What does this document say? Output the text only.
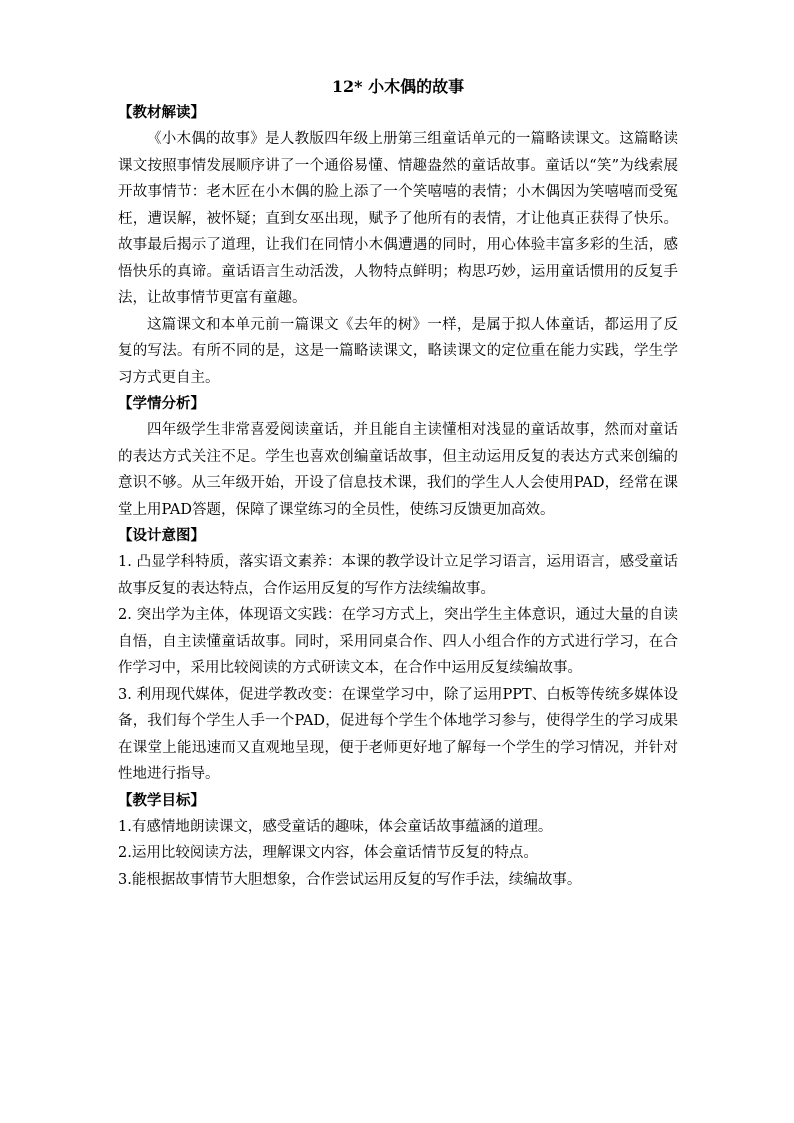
12* 小木偶的故事
【教材解读】

《小木偶的故事》是人教版四年级上册第三组童话单元的一篇略读课文。这篇略读课文按照事情发展顺序讲了一个通俗易懂、情趣盎然的童话故事。童话以“笑”为线索展开故事情节：老木匠在小木偶的脸上添了一个笑嘻嘻的表情；小木偶因为笑嘻嘻而受冤枉，遭误解，被怀疑；直到女巫出现，赋予了他所有的表情，才让他真正获得了快乐。故事最后揭示了道理，让我们在同情小木偶遭遇的同时，用心体验丰富多彩的生活，感悟快乐的真谛。童话语言生动活泼，人物特点鲜明；构思巧妙，运用童话惯用的反复手法，让故事情节更富有童趣。

这篇课文和本单元前一篇课文《去年的树》一样，是属于拟人体童话，都运用了反复的写法。有所不同的是，这是一篇略读课文，略读课文的定位重在能力实践，学生学习方式更自主。

【学情分析】

四年级学生非常喜爱阅读童话，并且能自主读懂相对浅显的童话故事，然而对童话的表达方式关注不足。学生也喜欢创编童话故事，但主动运用反复的表达方式来创编的意识不够。从三年级开始，开设了信息技术课，我们的学生人人会使用PAD，经常在课堂上用PAD答题，保障了课堂练习的全员性，使练习反馈更加高效。

【设计意图】

1. 凸显学科特质，落实语文素养：本课的教学设计立足学习语言，运用语言，感受童话故事反复的表达特点，合作运用反复的写作方法续编故事。

2. 突出学为主体，体现语文实践：在学习方式上，突出学生主体意识，通过大量的自读自悟，自主读懂童话故事。同时，采用同桌合作、四人小组合作的方式进行学习，在合作学习中，采用比较阅读的方式研读文本，在合作中运用反复续编故事。

3. 利用现代媒体，促进学教改变：在课堂学习中，除了运用PPT、白板等传统多媒体设备，我们每个学生人手一个PAD，促进每个学生个体地学习参与，使得学生的学习成果在课堂上能迅速而又直观地呈现，便于老师更好地了解每一个学生的学习情况，并针对性地进行指导。

【教学目标】

1.有感情地朗读课文，感受童话的趣味，体会童话故事蕴涵的道理。

2.运用比较阅读方法，理解课文内容，体会童话情节反复的特点。

3.能根据故事情节大胆想象，合作尝试运用反复的写作手法，续编故事。
